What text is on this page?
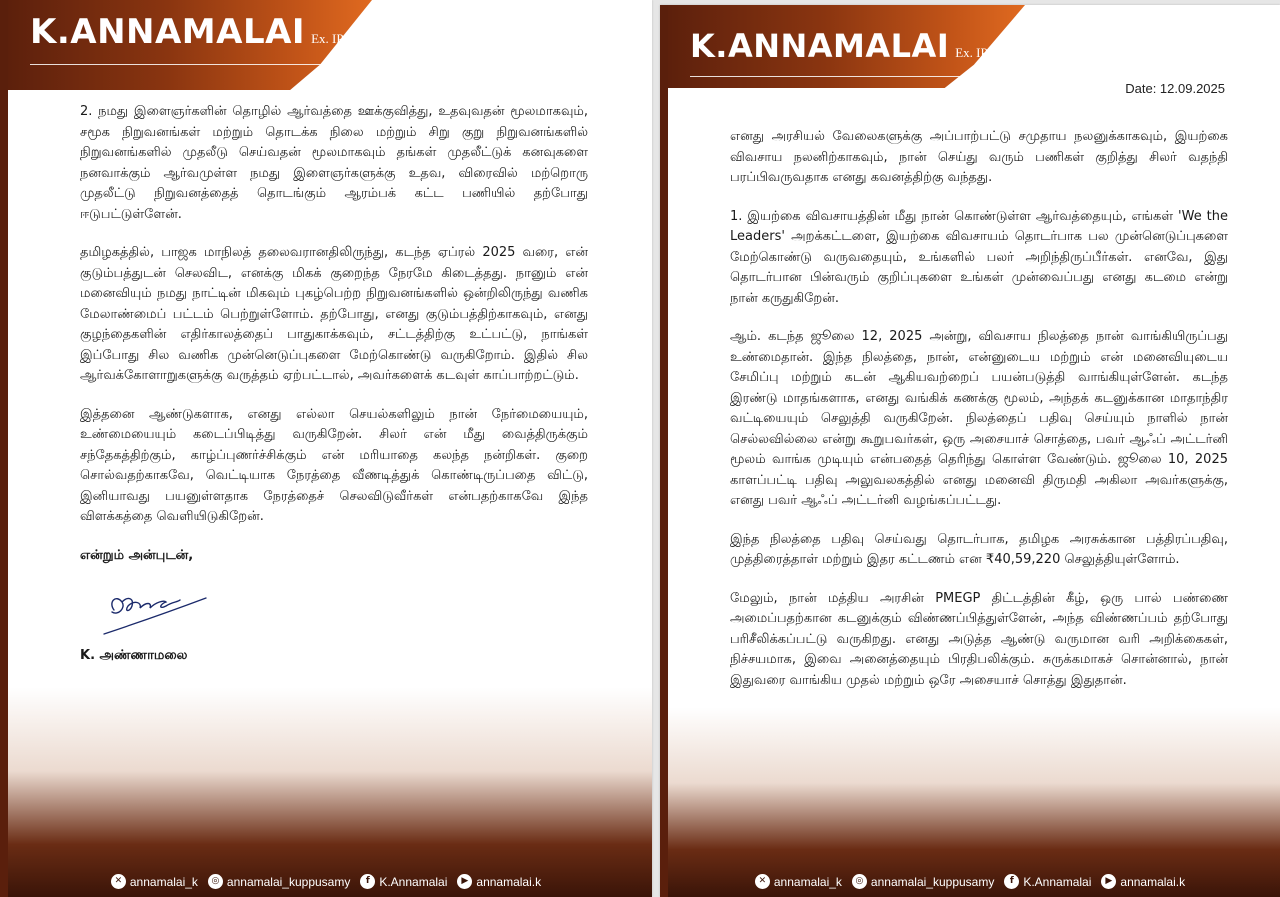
K.ANNAMALAI Ex. IPS

2. நமது இளைஞர்களின் தொழில் ஆர்வத்தை ஊக்குவித்து, உதவுவதன் மூலமாகவும், சமூக நிறுவனங்கள் மற்றும் தொடக்க நிலை மற்றும் சிறு குறு நிறுவனங்களில் நிறுவனங்களில் முதலீடு செய்வதன் மூலமாகவும் தங்கள் முதலீட்டுக் கனவுகளை நனவாக்கும் ஆர்வமுள்ள நமது இளைஞர்களுக்கு உதவ, விரைவில் மற்றொரு முதலீட்டு நிறுவனத்தைத் தொடங்கும் ஆரம்பக் கட்ட பணியில் தற்போது ஈடுபட்டுள்ளேன்.

தமிழகத்தில், பாஜக மாநிலத் தலைவரானதிலிருந்து, கடந்த ஏப்ரல் 2025 வரை, என் குடும்பத்துடன் செலவிட, எனக்கு மிகக் குறைந்த நேரமே கிடைத்தது. நானும் என் மனைவியும் நமது நாட்டின் மிகவும் புகழ்பெற்ற நிறுவனங்களில் ஒன்றிலிருந்து வணிக மேலாண்மைப் பட்டம் பெற்றுள்ளோம். தற்போது, எனது குடும்பத்திற்காகவும், எனது குழந்தைகளின் எதிர்காலத்தைப் பாதுகாக்கவும், சட்டத்திற்கு உட்பட்டு, நாங்கள் இப்போது சில வணிக முன்னெடுப்புகளை மேற்கொண்டு வருகிறோம். இதில் சில ஆர்வக்கோளாறுகளுக்கு வருத்தம் ஏற்பட்டால், அவர்களைக் கடவுள் காப்பாற்றட்டும்.

இத்தனை ஆண்டுகளாக, எனது எல்லா செயல்களிலும் நான் நேர்மையையும், உண்மையையும் கடைப்பிடித்து வருகிறேன். சிலர் என் மீது வைத்திருக்கும் சந்தேகத்திற்கும், காழ்ப்புணர்ச்சிக்கும் என் மரியாதை கலந்த நன்றிகள். குறை சொல்வதற்காகவே, வெட்டியாக நேரத்தை வீணடித்துக் கொண்டிருப்பதை விட்டு, இனியாவது பயனுள்ளதாக நேரத்தைச் செலவிடுவீர்கள் என்பதற்காகவே இந்த விளக்கத்தை வெளியிடுகிறேன்.

என்றும் அன்புடன்,

K. அண்ணாமலை

✕ annamalai_k	◎ annamalai_kuppusamy	f K.Annamalai	▶ annamalai.k
K.ANNAMALAI Ex. IPS
Date: 12.09.2025

எனது அரசியல் வேலைகளுக்கு அப்பாற்பட்டு சமுதாய நலனுக்காகவும், இயற்கை விவசாய நலனிற்காகவும், நான் செய்து வரும் பணிகள் குறித்து சிலர் வதந்தி பரப்பிவருவதாக எனது கவனத்திற்கு வந்தது.

1. இயற்கை விவசாயத்தின் மீது நான் கொண்டுள்ள ஆர்வத்தையும், எங்கள் 'We the Leaders' அறக்கட்டளை, இயற்கை விவசாயம் தொடர்பாக பல முன்னெடுப்புகளை மேற்கொண்டு வருவதையும், உங்களில் பலர் அறிந்திருப்பீர்கள். எனவே, இது தொடர்பான பின்வரும் குறிப்புகளை உங்கள் முன்வைப்பது எனது கடமை என்று நான் கருதுகிறேன்.

ஆம். கடந்த ஜூலை 12, 2025 அன்று, விவசாய நிலத்தை நான் வாங்கியிருப்பது உண்மைதான். இந்த நிலத்தை, நான், என்னுடைய மற்றும் என் மனைவியுடைய சேமிப்பு மற்றும் கடன் ஆகியவற்றைப் பயன்படுத்தி வாங்கியுள்ளேன். கடந்த இரண்டு மாதங்களாக, எனது வங்கிக் கணக்கு மூலம், அந்தக் கடனுக்கான மாதாந்திர வட்டியையும் செலுத்தி வருகிறேன். நிலத்தைப் பதிவு செய்யும் நாளில் நான் செல்லவில்லை என்று கூறுபவர்கள், ஒரு அசையாச் சொத்தை, பவர் ஆஃப் அட்டர்னி மூலம் வாங்க முடியும் என்பதைத் தெரிந்து கொள்ள வேண்டும். ஜூலை 10, 2025 காளப்பட்டி பதிவு அலுவலகத்தில் எனது மனைவி திருமதி அகிலா அவர்களுக்கு, எனது பவர் ஆஃப் அட்டர்னி வழங்கப்பட்டது.

இந்த நிலத்தை பதிவு செய்வது தொடர்பாக, தமிழக அரசுக்கான பத்திரப்பதிவு, முத்திரைத்தாள் மற்றும் இதர கட்டணம் என ₹40,59,220 செலுத்தியுள்ளோம்.

மேலும், நான் மத்திய அரசின் PMEGP திட்டத்தின் கீழ், ஒரு பால் பண்ணை அமைப்பதற்கான கடனுக்கும் விண்ணப்பித்துள்ளேன், அந்த விண்ணப்பம் தற்போது பரிசீலிக்கப்பட்டு வருகிறது. எனது அடுத்த ஆண்டு வருமான வரி அறிக்கைகள், நிச்சயமாக, இவை அனைத்தையும் பிரதிபலிக்கும். சுருக்கமாகச் சொன்னால், நான் இதுவரை வாங்கிய முதல் மற்றும் ஒரே அசையாச் சொத்து இதுதான்.

✕ annamalai_k	◎ annamalai_kuppusamy	f K.Annamalai	▶ annamalai.k
